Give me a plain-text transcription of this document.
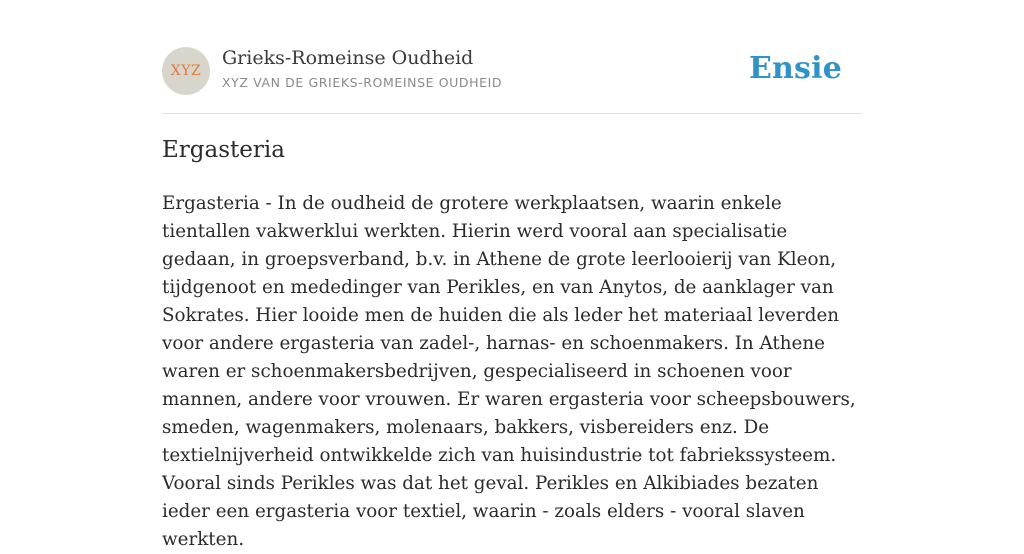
XYZ
Grieks-Romeinse Oudheid
XYZ VAN DE GRIEKS-ROMEINSE OUDHEID	Ensie
Ergasteria

Ergasteria - In de oudheid de grotere werkplaatsen, waarin enkele tientallen vakwerklui werkten. Hierin werd vooral aan specialisatie gedaan, in groepsverband, b.v. in Athene de grote leerlooierij van Kleon, tijdgenoot en mededinger van Perikles, en van Anytos, de aanklager van Sokrates. Hier looide men de huiden die als leder het materiaal leverden voor andere ergasteria van zadel-, harnas- en schoenmakers. In Athene waren er schoenmakersbedrijven, gespecialiseerd in schoenen voor mannen, andere voor vrouwen. Er waren ergasteria voor scheepsbouwers, smeden, wagenmakers, molenaars, bakkers, visbereiders enz. De textielnijverheid ontwikkelde zich van huisindustrie tot fabriekssysteem. Vooral sinds Perikles was dat het geval. Perikles en Alkibiades bezaten ieder een ergasteria voor textiel, waarin - zoals elders - vooral slaven werkten.
